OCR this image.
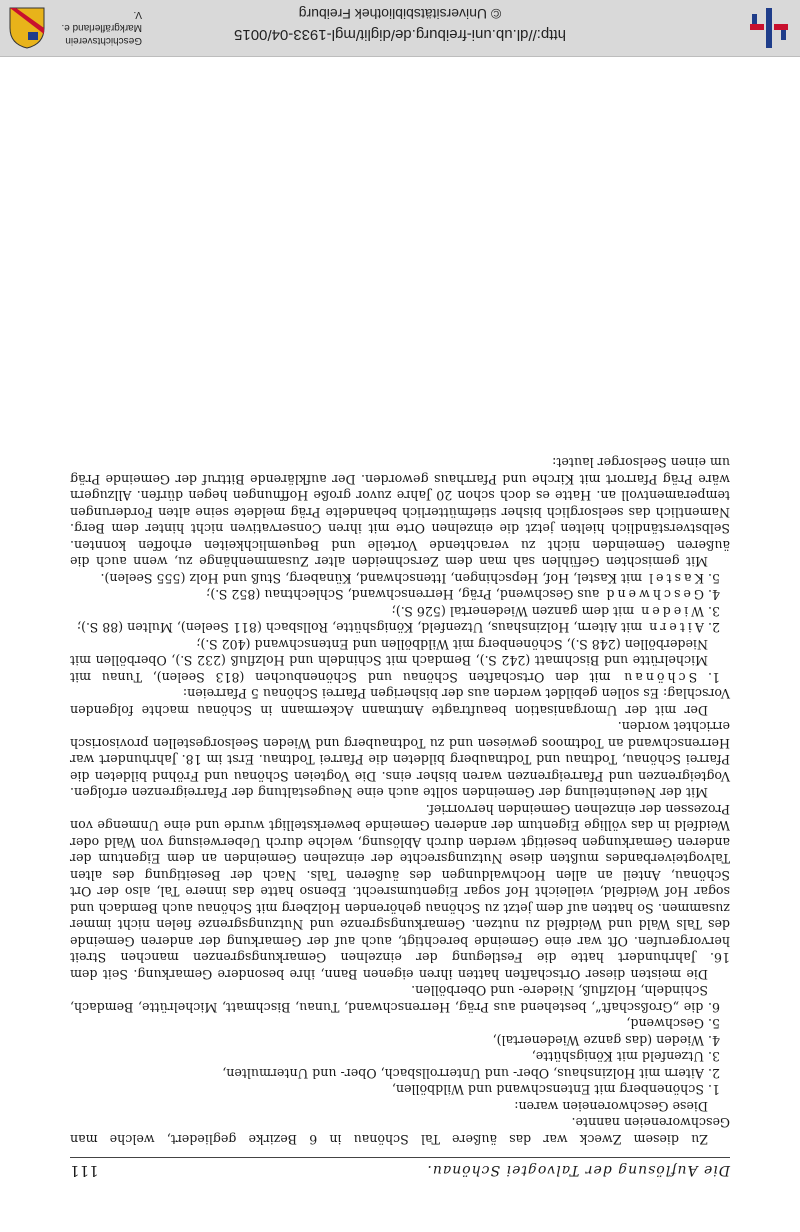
http://dl.ub.uni-freiburg.de/diglit/mgl-1933-04/0015
© Universitätsbibliothek Freiburg
Geschichtsverein
Markgräflerland e. V.
Die Auflösung der Talvogtei Schönau.
111

Zu diesem Zweck war das äußere Tal Schönau in 6 Bezirke gegliedert, welche man Geschworeneien nannte.

Diese Geschworeneien waren:

1. Schönenberg mit Entenschwand und Wildböllen,

2. Aitern mit Holzinshaus, Ober- und Unterrollsbach, Ober- und Untermulten,

3. Utzenfeld mit Königshütte,

4. Wieden (das ganze Wiedenertal),

5. Geschwend,

6. die „Großschaft“, bestehend aus Präg, Herrenschwand, Tunau, Bischmatt, Michelrütte, Bemdach, Schindeln, Holzfluß, Niedere- und Oberböllen.

Die meisten dieser Ortschaften hatten ihren eigenen Bann, ihre besondere Gemarkung. Seit dem 16. Jahrhundert hatte die Festlegung der einzelnen Gemarkungsgrenzen manchen Streit hervorgerufen. Oft war eine Gemeinde berechtigt, auch auf der Gemarkung der anderen Gemeinde des Tals Wald und Weidfeld zu nutzen. Gemarkungsgrenze und Nutzungsgrenze fielen nicht immer zusammen. So hatten auf dem jetzt zu Schönau gehörenden Holzberg mit Schönau auch Bemdach und sogar Hof Weidfeld, vielleicht Hof sogar Eigentumsrecht. Ebenso hatte das innere Tal, also der Ort Schönau, Anteil an allen Hochwaldungen des äußeren Tals. Nach der Beseitigung des alten Talvogteiverbandes mußten diese Nutzungsrechte der einzelnen Gemeinden an dem Eigentum der anderen Gemarkungen beseitigt werden durch Ablösung, welche durch Ueberweisung von Wald oder Weidfeld in das völlige Eigentum der anderen Gemeinde bewerkstelligt wurde und eine Unmenge von Prozessen der einzelnen Gemeinden hervorrief.

Mit der Neueinteilung der Gemeinden sollte auch eine Neugestaltung der Pfarreigrenzen erfolgen. Vogteigrenzen und Pfarreigrenzen waren bisher eins. Die Vogteien Schönau und Fröhnd bildeten die Pfarrei Schönau, Todtnau und Todtnauberg bildeten die Pfarrei Todtnau. Erst im 18. Jahrhundert war Herrenschwand an Todtmoos gewiesen und zu Todtnauberg und Wieden Seelsorgestellen provisorisch errichtet worden.

Der mit der Umorganisation beauftragte Amtmann Ackermann in Schönau machte folgenden Vorschlag: Es sollen gebildet werden aus der bisherigen Pfarrei Schönau 5 Pfarreien:

1. Schönau mit den Ortschaften Schönau und Schönenbuchen (813 Seelen), Tunau mit Michelrütte und Bischmatt (242 S.), Bemdach mit Schindeln und Holzfluß (232 S.), Oberböllen mit Niederböllen (248 S.), Schönenberg mit Wildböllen und Entenschwand (402 S.);

2. Aitern mit Aitern, Holzinshaus, Utzenfeld, Königshütte, Rollsbach (811 Seelen), Multen (88 S.);

3. Wieden mit dem ganzen Wiedenertal (526 S.);

4. Geschwend aus Geschwend, Präg, Herrenschwand, Schlechtnau (852 S.);

5. Kastel mit Kastel, Hof, Hepschingen, Ittenschwand, Künaberg, Stuß und Holz (555 Seelen).

Mit gemischten Gefühlen sah man dem Zerschneiden alter Zusammenhänge zu, wenn auch die äußeren Gemeinden nicht zu verachtende Vorteile und Bequemlichkeiten erhoffen konnten. Selbstverständlich hielten jetzt die einzelnen Orte mit ihren Conservativen nicht hinter dem Berg. Namentlich das seelsorglich bisher stiefmütterlich behandelte Präg meldete seine alten Forderungen temperamentvoll an. Hatte es doch schon 20 Jahre zuvor große Hoffnungen hegen dürfen. Allzugern wäre Präg Pfarrort mit Kirche und Pfarrhaus geworden. Der aufklärende Bittruf der Gemeinde Präg um einen Seelsorger lautet:
